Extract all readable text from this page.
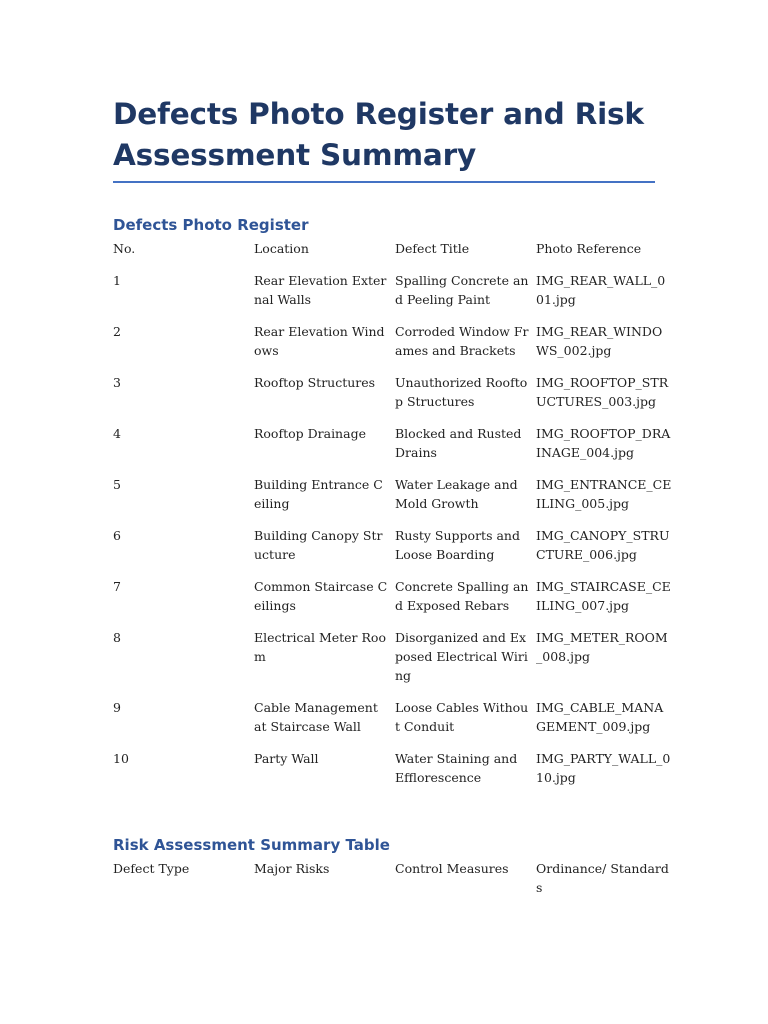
Defects Photo Register and Risk Assessment Summary
Defects Photo Register
No.	Location	Defect Title	Photo Reference
1	Rear Elevation External Walls	Spalling Concrete and Peeling Paint	IMG_REAR_WALL_001.jpg
2	Rear Elevation Windows	Corroded Window Frames and Brackets	IMG_REAR_WINDOWS_002.jpg
3	Rooftop Structures	Unauthorized Rooftop Structures	IMG_ROOFTOP_STRUCTURES_003.jpg
4	Rooftop Drainage	Blocked and Rusted Drains	IMG_ROOFTOP_DRAINAGE_004.jpg
5	Building Entrance Ceiling	Water Leakage and Mold Growth	IMG_ENTRANCE_CEILING_005.jpg
6	Building Canopy Structure	Rusty Supports and Loose Boarding	IMG_CANOPY_STRUCTURE_006.jpg
7	Common Staircase Ceilings	Concrete Spalling and Exposed Rebars	IMG_STAIRCASE_CEILING_007.jpg
8	Electrical Meter Room	Disorganized and Exposed Electrical Wiring	IMG_METER_ROOM_008.jpg
9	Cable Management at Staircase Wall	Loose Cables Without Conduit	IMG_CABLE_MANAGEMENT_009.jpg
10	Party Wall	Water Staining and Efflorescence	IMG_PARTY_WALL_010.jpg
Risk Assessment Summary Table
Defect Type	Major Risks	Control Measures	Ordinance/ Standards
